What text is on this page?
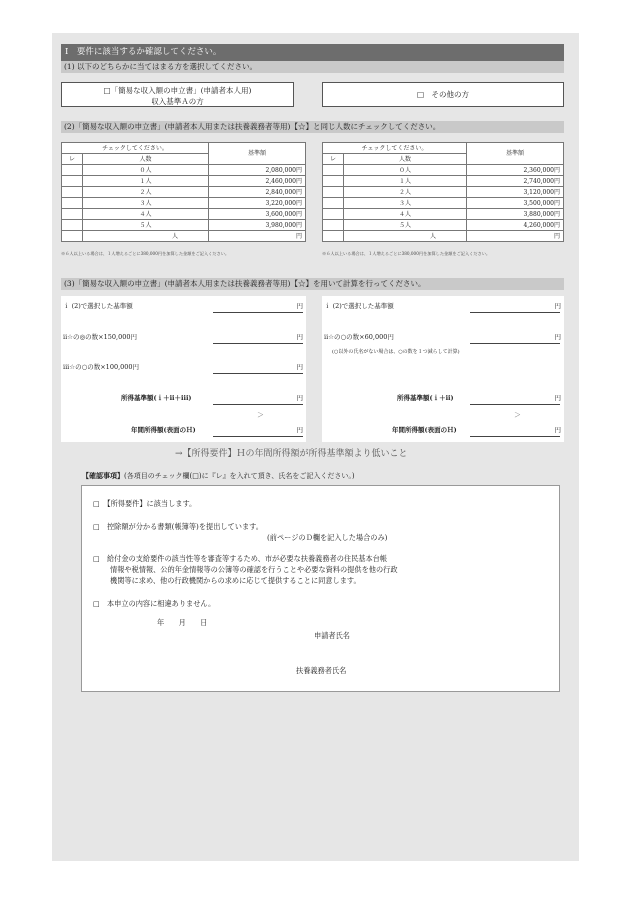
Ⅰ　要件に該当するか確認してください。
(1) 以下のどちらかに当てはまる方を選択してください。
□「簡易な収入額の申立書」(申請者本人用)
収入基準Ａの方
□　その他の方
(2)「簡易な収入額の申立書」(申請者本人用または扶養義務者等用)【☆】と同じ人数にチェックしてください。
チェックしてください。		基準額
レ	人数	
	０人	2,080,000円
	１人	2,460,000円
	２人	2,840,000円
	３人	3,220,000円
	４人	3,600,000円
	５人	3,980,000円
	人	円
※６人以上いる場合は、１人増えるごとに380,000円を加算した金額をご記入ください。
チェックしてください。		基準額
レ	人数	
	０人	2,360,000円
	１人	2,740,000円
	２人	3,120,000円
	３人	3,500,000円
	４人	3,880,000円
	５人	4,260,000円
	人	円
※６人以上いる場合は、１人増えるごとに380,000円を加算した金額をご記入ください。
(3)「簡易な収入額の申立書」(申請者本人用または扶養義務者等用)【☆】を用いて計算を行ってください。
ｉ (2)で選択した基準額	円
ii☆の◎の数×150,000円	円
iii☆の○の数×100,000円	円
所得基準額(ｉ＋ii＋iii)	円
＞
年間所得額(表面のＨ)	円
ｉ (2)で選択した基準額	円
ii☆の○の数×60,000円	円
(○以外の氏名がない場合は、○の数を１つ減らして計算)
所得基準額(ｉ＋ii)	円
＞
年間所得額(表面のＨ)	円
→【所得要件】Ｈの年間所得額が所得基準額より低いこと
【確認事項】(各項目のチェック欄(□)に『レ』を入れて頂き、氏名をご記入ください。)
□　【所得要件】に該当します。
□　控除額が分かる書類(帳簿等)を提出しています。
(前ページのＤ欄を記入した場合のみ)
□　給付金の支給要件の該当性等を審査等するため、市が必要な扶養義務者の住民基本台帳
情報や税情報、公的年金情報等の公簿等の確認を行うことや必要な資料の提供を他の行政
機関等に求め、他の行政機関からの求めに応じて提供することに同意します。
□　本申立の内容に相違ありません。
年　　月　　日
申請者氏名
扶養義務者氏名
